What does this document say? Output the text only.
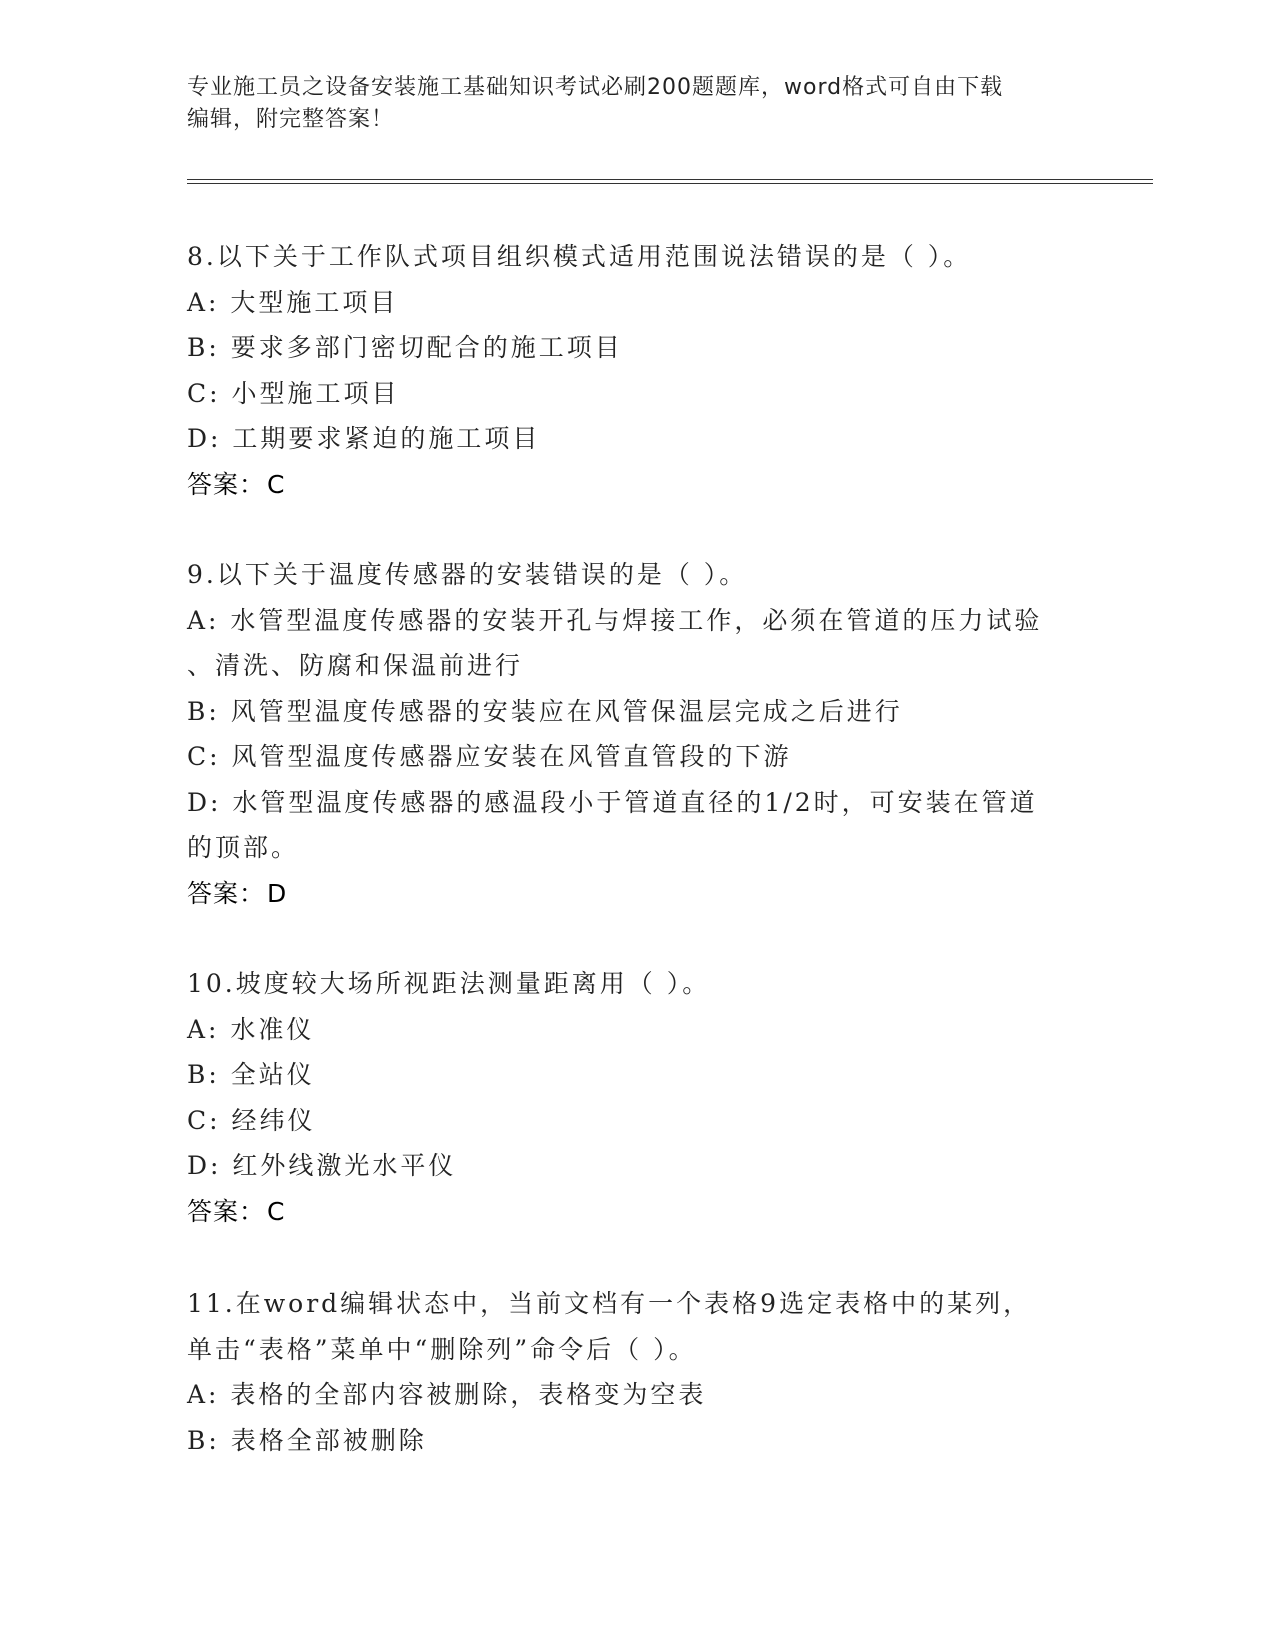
专业施工员之设备安装施工基础知识考试必刷200题题库，word格式可自由下载
编辑，附完整答案！
8.以下关于工作队式项目组织模式适用范围说法错误的是（ ）。
A: 大型施工项目
B: 要求多部门密切配合的施工项目
C: 小型施工项目
D: 工期要求紧迫的施工项目
答案：C
9.以下关于温度传感器的安装错误的是（ ）。
A: 水管型温度传感器的安装开孔与焊接工作，必须在管道的压力试验
、清洗、防腐和保温前进行
B: 风管型温度传感器的安装应在风管保温层完成之后进行
C: 风管型温度传感器应安装在风管直管段的下游
D: 水管型温度传感器的感温段小于管道直径的1/2时，可安装在管道
的顶部。
答案：D
10.坡度较大场所视距法测量距离用（ ）。
A: 水准仪
B: 全站仪
C: 经纬仪
D: 红外线激光水平仪
答案：C
11.在word编辑状态中，当前文档有一个表格9选定表格中的某列，
单击“表格”菜单中“删除列”命令后（ ）。
A: 表格的全部内容被删除，表格变为空表
B: 表格全部被删除
